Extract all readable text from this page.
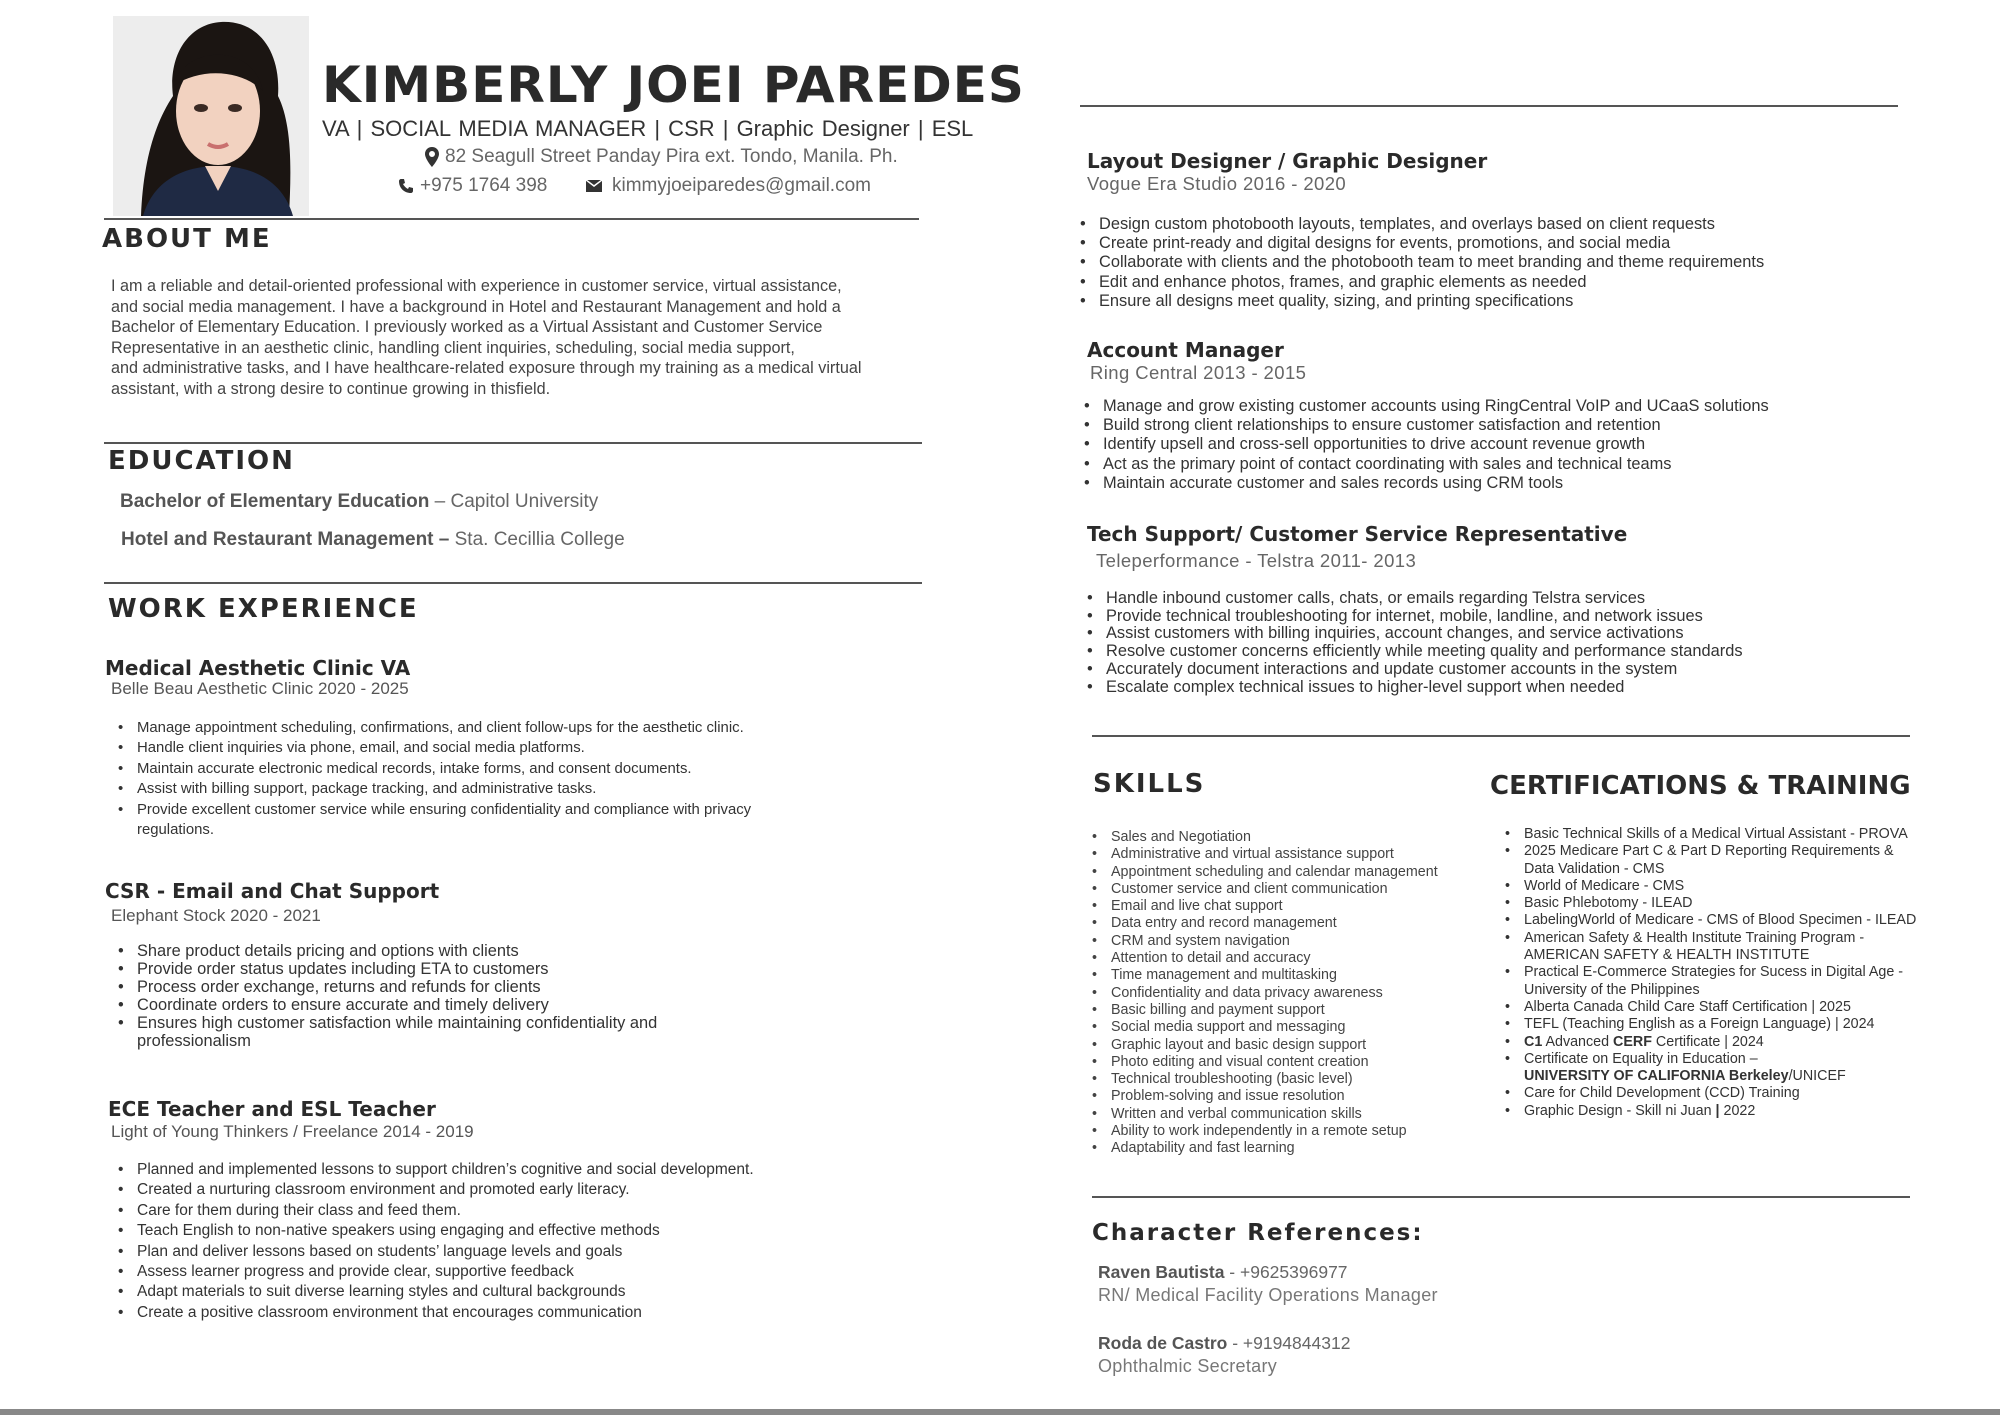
KIMBERLY JOEI PAREDES
VA | SOCIAL MEDIA MANAGER | CSR | Graphic Designer | ESL
82 Seagull Street Panday Pira ext. Tondo, Manila. Ph.
+975 1764 398	kimmyjoeiparedes@gmail.com
ABOUT ME
I am a reliable and detail-oriented professional with experience in customer service, virtual assistance,
and social media management. I have a background in Hotel and Restaurant Management and hold a
Bachelor of Elementary Education. I previously worked as a Virtual Assistant and Customer Service
Representative in an aesthetic clinic, handling client inquiries, scheduling, social media support,
and administrative tasks, and I have healthcare-related exposure through my training as a medical virtual
assistant, with a strong desire to continue growing in thisfield.
EDUCATION
Bachelor of Elementary Education – Capitol University
Hotel and Restaurant Management – Sta. Cecillia College
WORK EXPERIENCE
Medical Aesthetic Clinic VA
Belle Beau Aesthetic Clinic 2020 - 2025
• Manage appointment scheduling, confirmations, and client follow-ups for the aesthetic clinic.
• Handle client inquiries via phone, email, and social media platforms.
• Maintain accurate electronic medical records, intake forms, and consent documents.
• Assist with billing support, package tracking, and administrative tasks.
• Provide excellent customer service while ensuring confidentiality and compliance with privacy regulations.
CSR - Email and Chat Support
Elephant Stock 2020 - 2021
• Share product details pricing and options with clients
• Provide order status updates including ETA to customers
• Process order exchange, returns and refunds for clients
• Coordinate orders to ensure accurate and timely delivery
• Ensures high customer satisfaction while maintaining confidentiality and professionalism
ECE Teacher and ESL Teacher
Light of Young Thinkers / Freelance 2014 - 2019
• Planned and implemented lessons to support children’s cognitive and social development.
• Created a nurturing classroom environment and promoted early literacy.
• Care for them during their class and feed them.
• Teach English to non-native speakers using engaging and effective methods
• Plan and deliver lessons based on students’ language levels and goals
• Assess learner progress and provide clear, supportive feedback
• Adapt materials to suit diverse learning styles and cultural backgrounds
• Create a positive classroom environment that encourages communication
Layout Designer / Graphic Designer
Vogue Era Studio 2016 - 2020
• Design custom photobooth layouts, templates, and overlays based on client requests
• Create print-ready and digital designs for events, promotions, and social media
• Collaborate with clients and the photobooth team to meet branding and theme requirements
• Edit and enhance photos, frames, and graphic elements as needed
• Ensure all designs meet quality, sizing, and printing specifications
Account Manager
Ring Central 2013 - 2015
• Manage and grow existing customer accounts using RingCentral VoIP and UCaaS solutions
• Build strong client relationships to ensure customer satisfaction and retention
• Identify upsell and cross-sell opportunities to drive account revenue growth
• Act as the primary point of contact coordinating with sales and technical teams
• Maintain accurate customer and sales records using CRM tools
Tech Support/ Customer Service Representative
Teleperformance - Telstra 2011- 2013
• Handle inbound customer calls, chats, or emails regarding Telstra services
• Provide technical troubleshooting for internet, mobile, landline, and network issues
• Assist customers with billing inquiries, account changes, and service activations
• Resolve customer concerns efficiently while meeting quality and performance standards
• Accurately document interactions and update customer accounts in the system
• Escalate complex technical issues to higher-level support when needed
SKILLS
• Sales and Negotiation
• Administrative and virtual assistance support
• Appointment scheduling and calendar management
• Customer service and client communication
• Email and live chat support
• Data entry and record management
• CRM and system navigation
• Attention to detail and accuracy
• Time management and multitasking
• Confidentiality and data privacy awareness
• Basic billing and payment support
• Social media support and messaging
• Graphic layout and basic design support
• Photo editing and visual content creation
• Technical troubleshooting (basic level)
• Problem-solving and issue resolution
• Written and verbal communication skills
• Ability to work independently in a remote setup
• Adaptability and fast learning
CERTIFICATIONS & TRAINING
• Basic Technical Skills of a Medical Virtual Assistant - PROVA
• 2025 Medicare Part C & Part D Reporting Requirements & Data Validation - CMS
• World of Medicare - CMS
• Basic Phlebotomy - ILEAD
• LabelingWorld of Medicare - CMS of Blood Specimen - ILEAD
• American Safety & Health Institute Training Program - AMERICAN SAFETY & HEALTH INSTITUTE
• Practical E-Commerce Strategies for Sucess in Digital Age - University of the Philippines
• Alberta Canada Child Care Staff Certification | 2025
• TEFL (Teaching English as a Foreign Language) | 2024
• C1 Advanced CERF Certificate | 2024
• Certificate on Equality in Education –
UNIVERSITY OF CALIFORNIA Berkeley/UNICEF
• Care for Child Development (CCD) Training
• Graphic Design - Skill ni Juan | 2022
Character References:
Raven Bautista - +9625396977
RN/ Medical Facility Operations Manager
Roda de Castro - +9194844312
Ophthalmic Secretary
